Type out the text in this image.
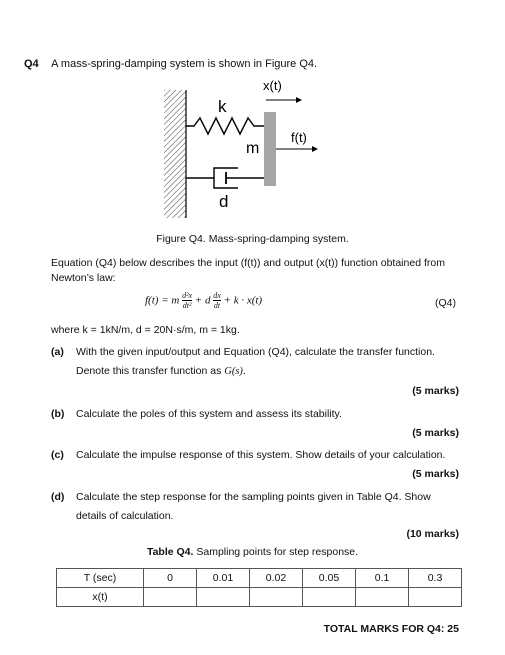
Q4 A mass-spring-damping system is shown in Figure Q4.
x(t)
k
m
f(t)
d
Figure Q4. Mass-spring-damping system.
Equation (Q4) below describes the input (f(t)) and output (x(t)) function obtained from Newton’s law:
f(t) = m $\frac{\text{d²x}}{\text{dt²}} + d \frac{dx}{dt} + k \cdot x(t)$	(Q4)
where k = 1kN/m, d = 20N·s/m, m = 1kg.
(a) With the given input/output and Equation (Q4), calculate the transfer function.
Denote this transfer function as G(s).
(5 marks)
(b) Calculate the poles of this system and assess its stability.
(5 marks)
(c) Calculate the impulse response of this system. Show details of your calculation.
(5 marks)
(d) Calculate the step response for the sampling points given in Table Q4. Show
details of calculation.
(10 marks)
Table Q4. Sampling points for step response.
T (sec)	0	0.01	0.02	0.05	0.1	0.3
x(t)						
TOTAL MARKS FOR Q4: 25
